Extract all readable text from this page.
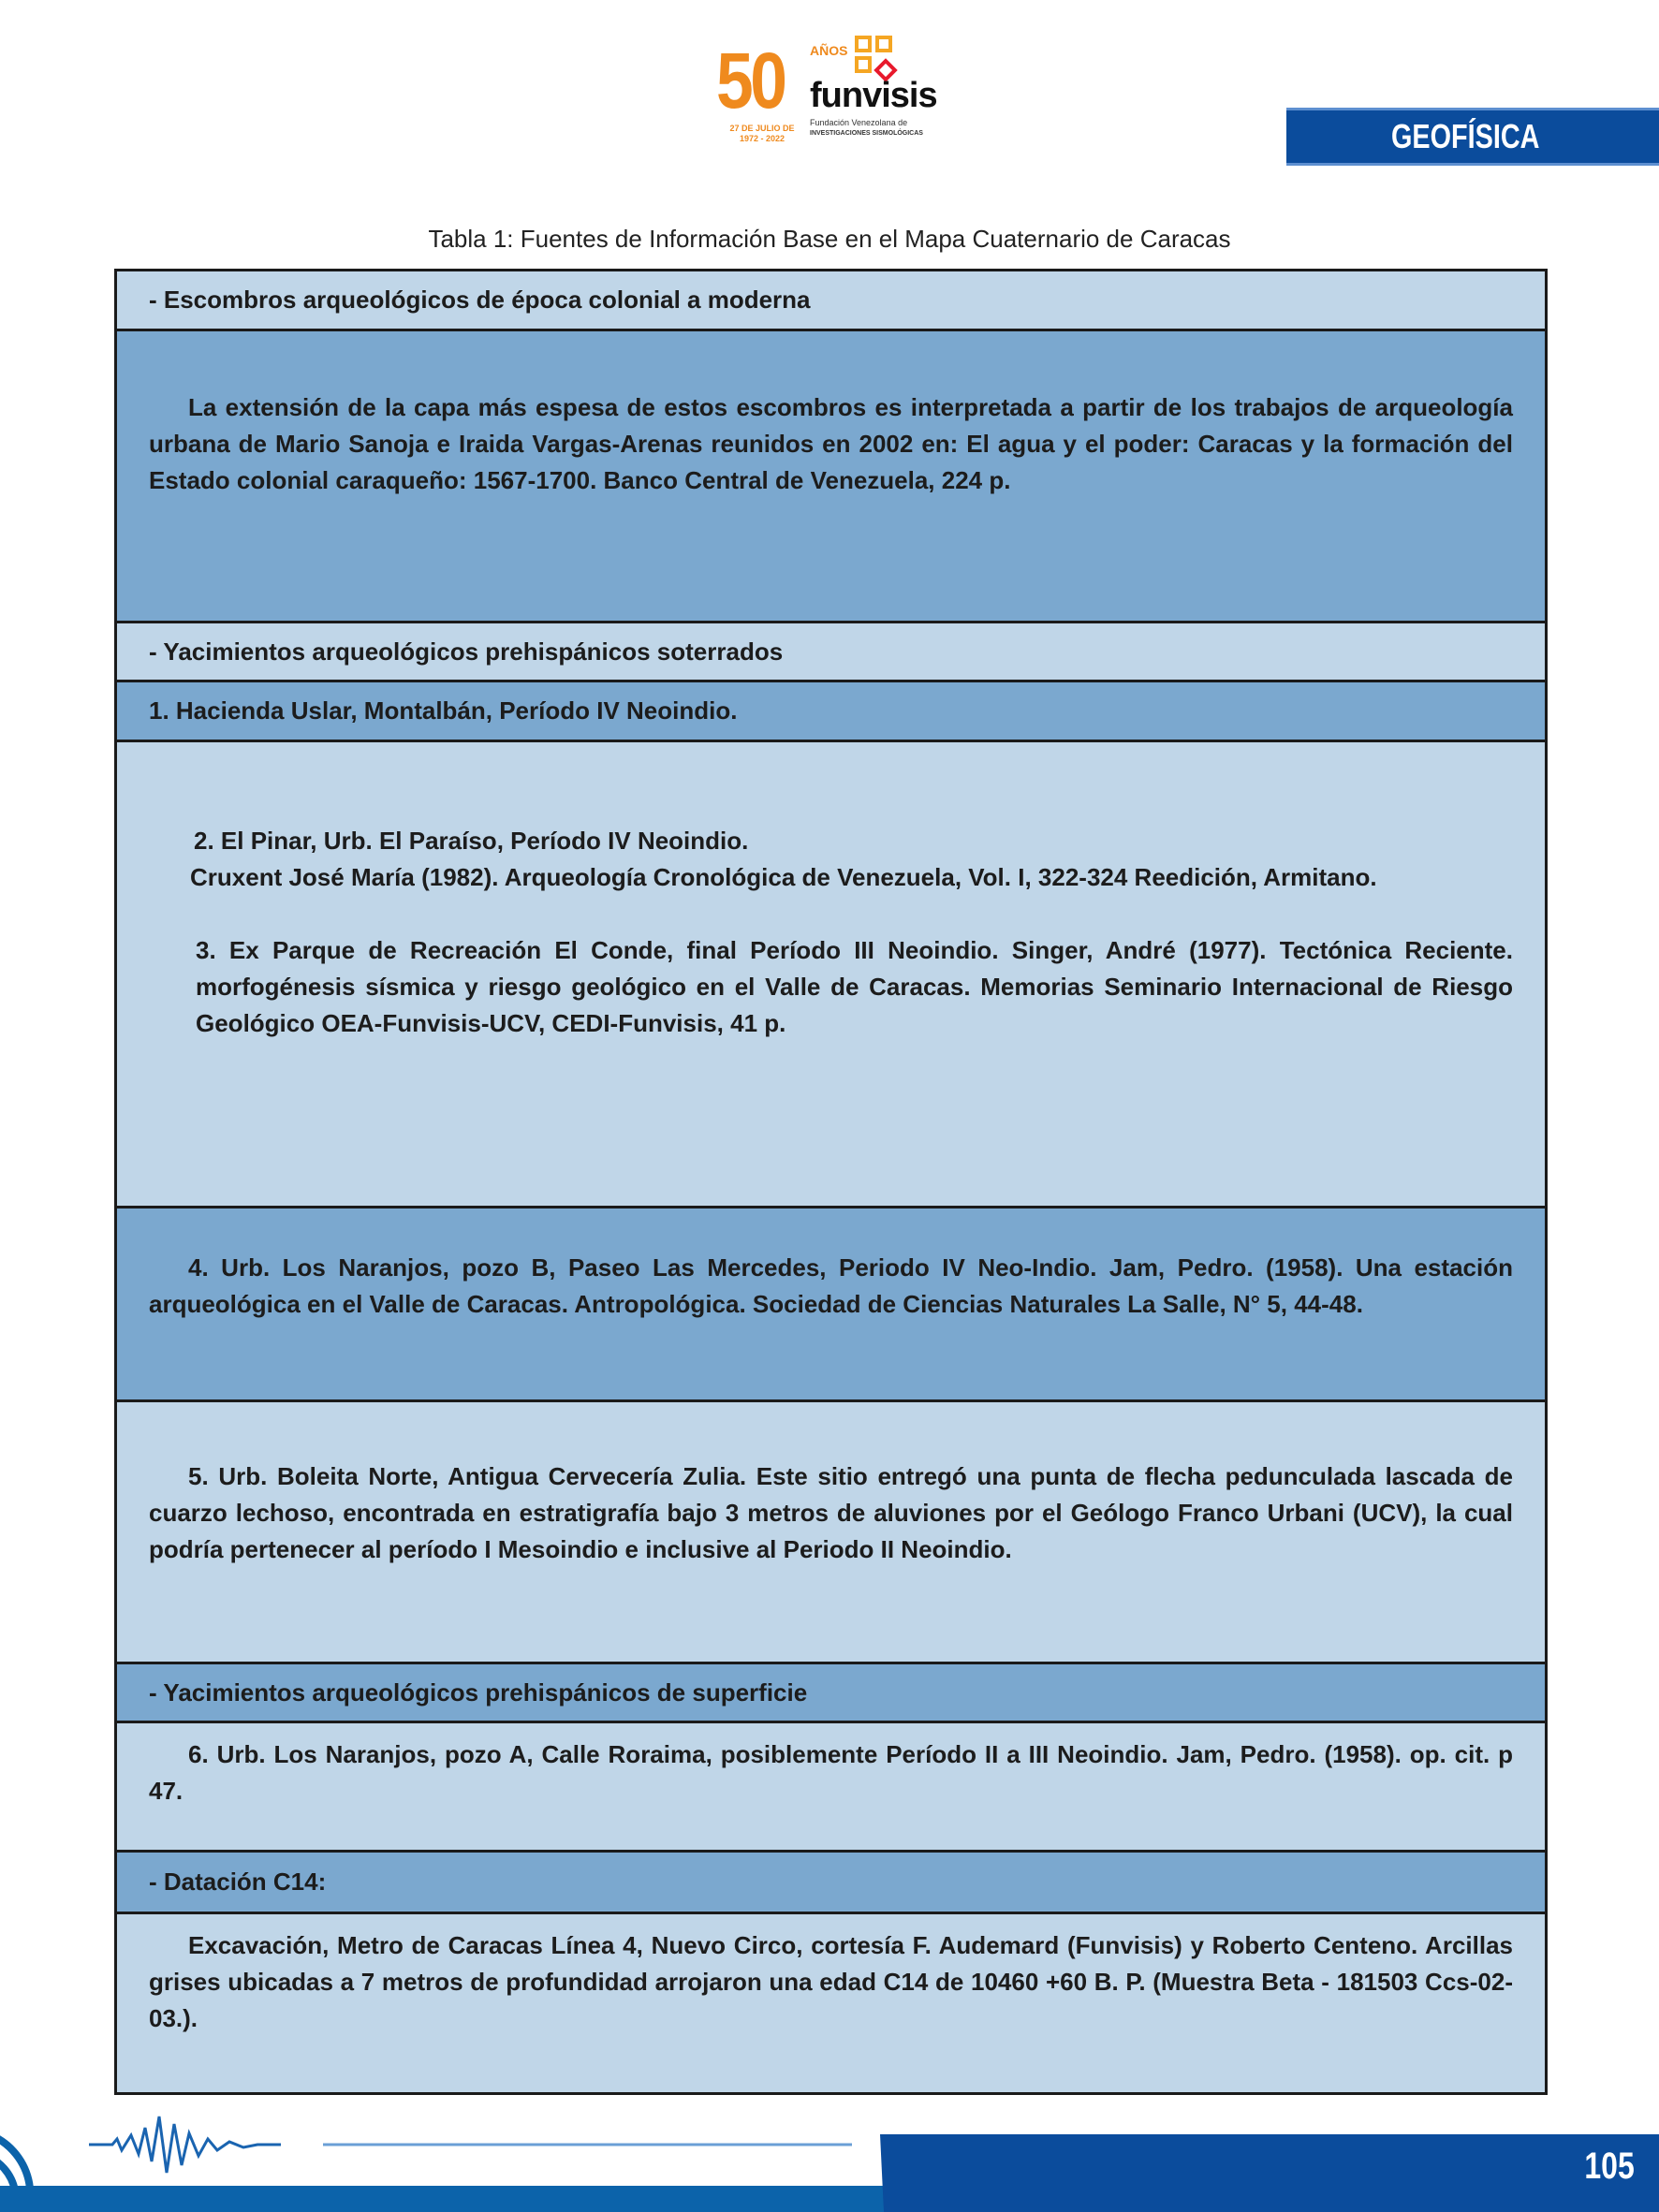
50	AÑOS
funvisis
Fundación Venezolana de
INVESTIGACIONES SISMOLÓGICAS
27 DE JULIO DE
1972 - 2022	GEOFÍSICA
Tabla 1: Fuentes de Información Base en el Mapa Cuaternario de Caracas
- Escombros arqueológicos de época colonial a moderna

La extensión de la capa más espesa de estos escombros es interpretada a partir de los trabajos de arqueología urbana de Mario Sanoja e Iraida Vargas-Arenas reunidos en 2002 en: El agua y el poder: Caracas y la formación del Estado colonial caraqueño: 1567-1700. Banco Central de Venezuela, 224 p.

- Yacimientos arqueológicos prehispánicos soterrados
1. Hacienda Uslar, Montalbán, Período IV Neoindio.

2. El Pinar, Urb. El Paraíso, Período IV Neoindio.

Cruxent José María (1982). Arqueología Cronológica de Venezuela, Vol. I, 322-324 Reedición, Armitano.

3. Ex Parque de Recreación El Conde, final Período III Neoindio. Singer, André (1977). Tectónica Reciente. morfogénesis sísmica y riesgo geológico en el Valle de Caracas. Memorias Seminario Internacional de Riesgo Geológico OEA-Funvisis-UCV, CEDI-Funvisis, 41 p.

4. Urb. Los Naranjos, pozo B, Paseo Las Mercedes, Periodo IV Neo-Indio. Jam, Pedro. (1958). Una estación arqueológica en el Valle de Caracas. Antropológica. Sociedad de Ciencias Naturales La Salle, N° 5, 44-48.

5. Urb. Boleita Norte, Antigua Cervecería Zulia. Este sitio entregó una punta de flecha pedunculada lascada de cuarzo lechoso, encontrada en estratigrafía bajo 3 metros de aluviones por el Geólogo Franco Urbani (UCV), la cual podría pertenecer al período I Mesoindio e inclusive al Periodo II Neoindio.

- Yacimientos arqueológicos prehispánicos de superficie

6. Urb. Los Naranjos, pozo A, Calle Roraima, posiblemente Período II a III Neoindio. Jam, Pedro. (1958). op. cit. p 47.

- Datación C14:

Excavación, Metro de Caracas Línea 4, Nuevo Circo, cortesía F. Audemard (Funvisis) y Roberto Centeno. Arcillas grises ubicadas a 7 metros de profundidad arrojaron una edad C14 de 10460 +60 B. P. (Muestra Beta - 181503 Ccs-02-03.).

105
